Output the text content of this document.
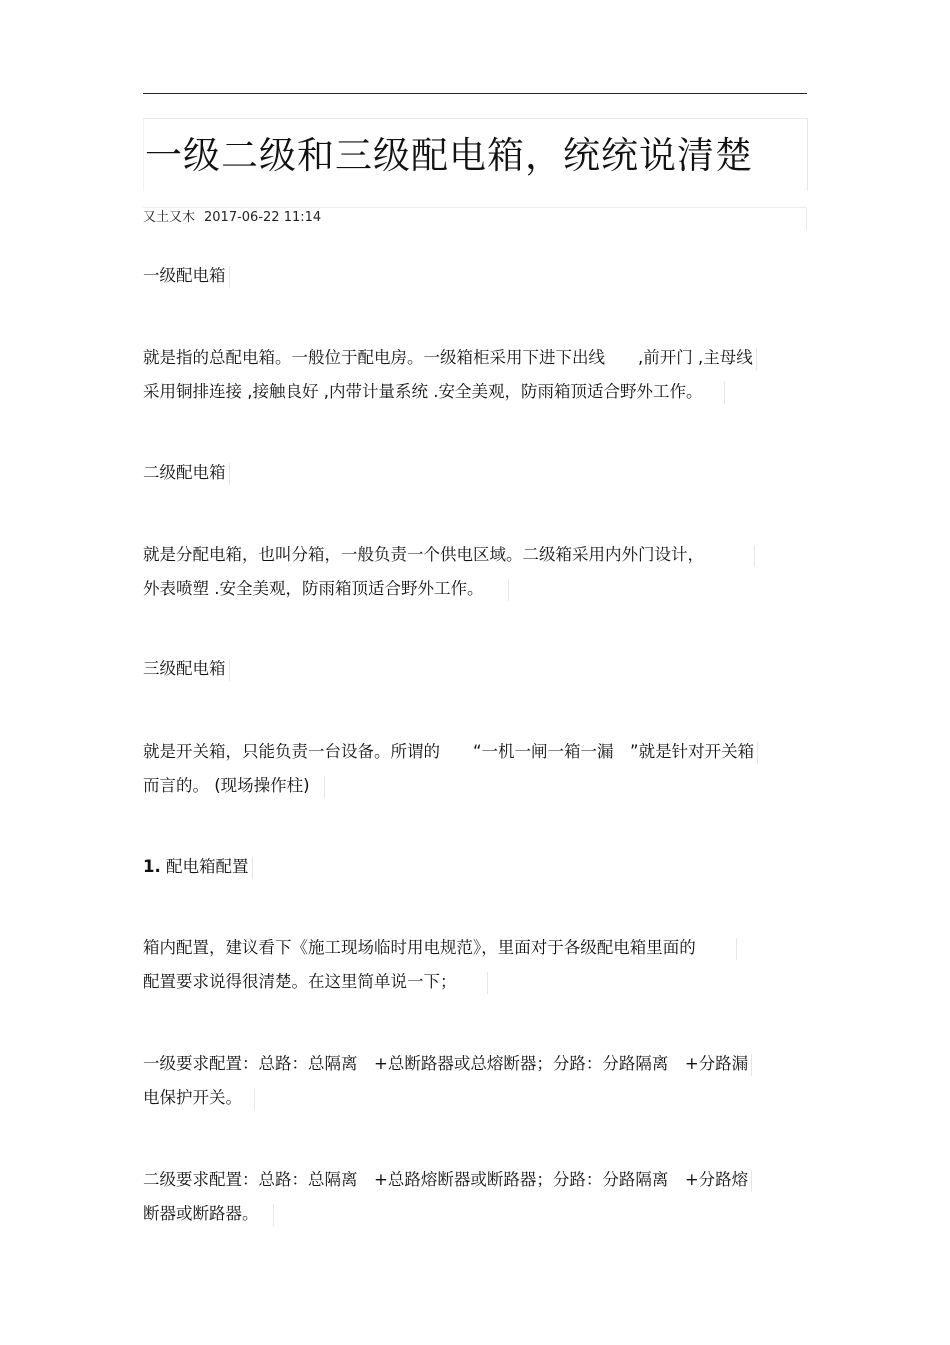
一级二级和三级配电箱，统统说清楚
又土又木 2017-06-22 11:14
一级配电箱
就是指的总配电箱。一般位于配电房。一级箱柜采用下进下出线　　,前开门 ,主母线
采用铜排连接 ,接触良好 ,内带计量系统 .安全美观，防雨箱顶适合野外工作。
二级配电箱
就是分配电箱，也叫分箱，一般负责一个供电区域。二级箱采用内外门设计，
外表喷塑 .安全美观，防雨箱顶适合野外工作。
三级配电箱
就是开关箱，只能负责一台设备。所谓的　　“一机一闸一箱一漏　”就是针对开关箱
而言的。 (现场操作柱)
1. 配电箱配置
箱内配置，建议看下《施工现场临时用电规范》，里面对于各级配电箱里面的
配置要求说得很清楚。在这里简单说一下；
一级要求配置：总路：总隔离　+总断路器或总熔断器；分路：分路隔离　+分路漏
电保护开关。
二级要求配置：总路：总隔离　+总路熔断器或断路器；分路：分路隔离　+分路熔
断器或断路器。
